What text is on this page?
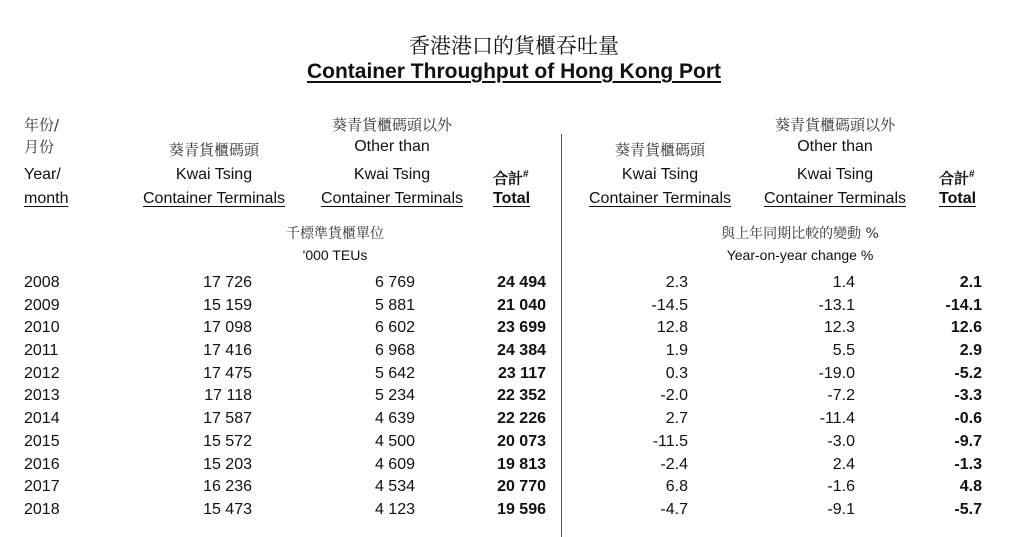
香港港口的貨櫃吞吐量
Container Throughput of Hong Kong Port
年份/
月份
Year/
month
葵青貨櫃碼頭
Kwai Tsing
Container Terminals
葵青貨櫃碼頭以外
Other than
Kwai Tsing
Container Terminals
合計#
Total
千標準貨櫃單位
'000 TEUs
葵青貨櫃碼頭
Kwai Tsing
Container Terminals
葵青貨櫃碼頭以外
Other than
Kwai Tsing
Container Terminals
合計#
Total
與上年同期比較的變動 %
Year-on-year change %
2008	17 726	6 769	24 494	2.3	1.4	2.1
2009	15 159	5 881	21 040	-14.5	-13.1	-14.1
2010	17 098	6 602	23 699	12.8	12.3	12.6
2011	17 416	6 968	24 384	1.9	5.5	2.9
2012	17 475	5 642	23 117	0.3	-19.0	-5.2
2013	17 118	5 234	22 352	-2.0	-7.2	-3.3
2014	17 587	4 639	22 226	2.7	-11.4	-0.6
2015	15 572	4 500	20 073	-11.5	-3.0	-9.7
2016	15 203	4 609	19 813	-2.4	2.4	-1.3
2017	16 236	4 534	20 770	6.8	-1.6	4.8
2018	15 473	4 123	19 596	-4.7	-9.1	-5.7
